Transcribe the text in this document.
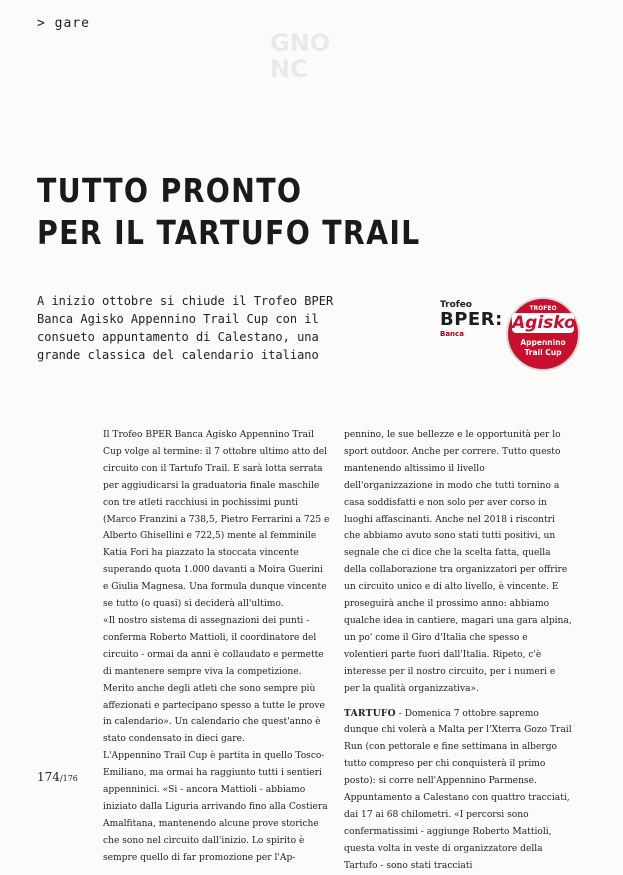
GNO
NC
> gare
TUTTO PRONTO
PER IL TARTUFO TRAIL

A inizio ottobre si chiude il Trofeo BPER Banca Agisko Appennino Trail Cup con il consueto appuntamento di Calestano, una grande classica del calendario italiano

Trofeo
BPER:
Banca
TROFEO
Agisko
Appennino
Trail Cup

Il Trofeo BPER Banca Agisko Appennino Trail Cup volge al termine: il 7 ottobre ultimo atto del circuito con il Tartufo Trail. E sarà lotta serrata per aggiudicarsi la graduatoria finale maschile con tre atleti racchiusi in pochissimi punti (Marco Franzini a 738,5, Pietro Ferrarini a 725 e Alberto Ghisellini e 722,5) mente al femminile Katia Fori ha piazzato la stoccata vincente superando quota 1.000 davanti a Moira Guerini e Giulia Magnesa. Una formula dunque vincente se tutto (o quasi) si deciderà all'ultimo.

«Il nostro sistema di assegnazioni dei punti - conferma Roberto Mattioli, il coordinatore del circuito - ormai da anni è collaudato e permette di mantenere sempre viva la competizione. Merito anche degli atleti che sono sempre più affezionati e partecipano spesso a tutte le prove in calendario». Un calendario che quest'anno è stato condensato in dieci gare.

L'Appennino Trail Cup è partita in quello Tosco-Emiliano, ma ormai ha raggiunto tutti i sentieri appenninici. «Si - ancora Mattioli - abbiamo iniziato dalla Liguria arrivando fino alla Costiera Amalfitana, mantenendo alcune prove storiche che sono nel circuito dall'inizio. Lo spirito è sempre quello di far promozione per l'Ap-

pennino, le sue bellezze e le opportunità per lo sport outdoor. Anche per correre. Tutto questo mantenendo altissimo il livello dell'organizzazione in modo che tutti tornino a casa soddisfatti e non solo per aver corso in luoghi affascinanti. Anche nel 2018 i riscontri che abbiamo avuto sono stati tutti positivi, un segnale che ci dice che la scelta fatta, quella della collaborazione tra organizzatori per offrire un circuito unico e di alto livello, è vincente. E proseguirà anche il prossimo anno: abbiamo qualche idea in cantiere, magari una gara alpina, un po' come il Giro d'Italia che spesso e volentieri parte fuori dall'Italia. Ripeto, c'è interesse per il nostro circuito, per i numeri e per la qualità organizzativa».

TARTUFO - Domenica 7 ottobre sapremo dunque chi volerà a Malta per l'Xterra Gozo Trail Run (con pettorale e fine settimana in albergo tutto compreso per chi conquisterà il primo posto): si corre nell'Appennino Parmense. Appuntamento a Calestano con quattro tracciati, dai 17 ai 68 chilometri. «I percorsi sono confermatissimi - aggiunge Roberto Mattioli, questa volta in veste di organizzatore della Tartufo - sono stati tracciati

174/176
